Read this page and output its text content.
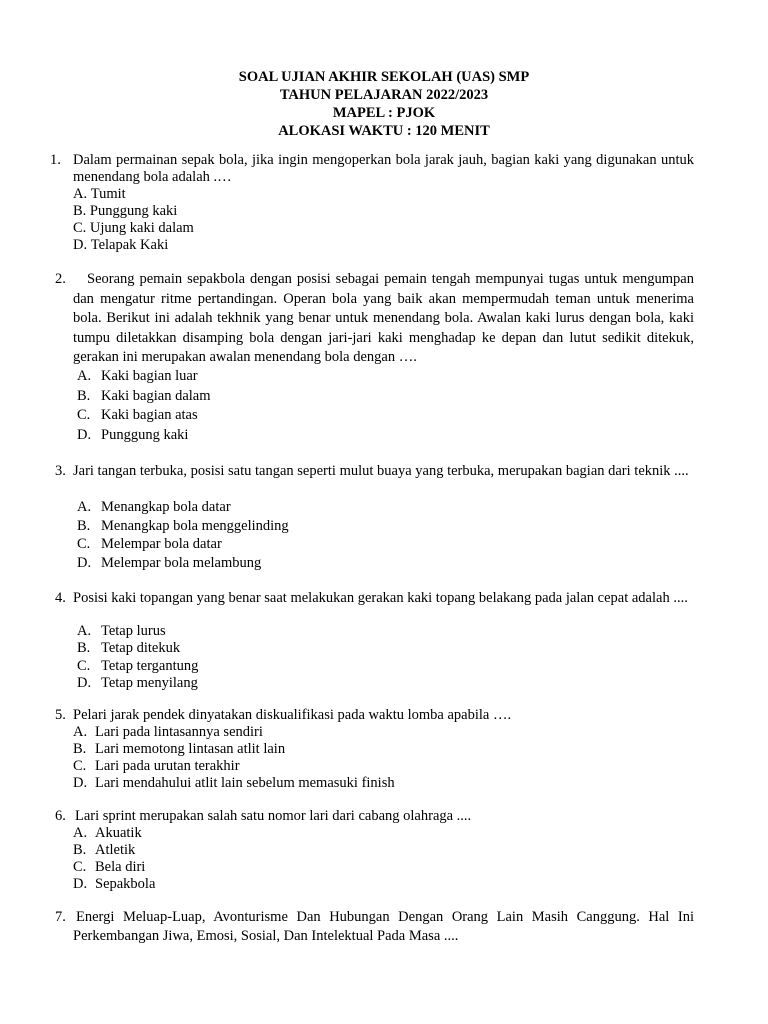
SOAL UJIAN AKHIR SEKOLAH (UAS) SMP
TAHUN PELAJARAN 2022/2023
MAPEL : PJOK
ALOKASI WAKTU : 120 MENIT
1. Dalam permainan sepak bola, jika ingin mengoperkan bola jarak jauh, bagian kaki yang digunakan untuk menendang bola adalah .…
A. Tumit
B. Punggung kaki
C. Ujung kaki dalam
D. Telapak Kaki
2.	Seorang pemain sepakbola dengan posisi sebagai pemain tengah mempunyai tugas untuk mengumpan dan mengatur ritme pertandingan. Operan bola yang baik akan mempermudah teman untuk menerima bola. Berikut ini adalah tekhnik yang benar untuk menendang bola. Awalan kaki lurus dengan bola, kaki tumpu diletakkan disamping bola dengan jari-jari kaki menghadap ke depan dan lutut sedikit ditekuk, gerakan ini merupakan awalan menendang bola dengan ….
A. Kaki bagian luar
B. Kaki bagian dalam
C. Kaki bagian atas
D. Punggung kaki
3. Jari tangan terbuka, posisi satu tangan seperti mulut buaya yang terbuka, merupakan bagian dari teknik ....
A. Menangkap bola datar
B. Menangkap bola menggelinding
C. Melempar bola datar
D. Melempar bola melambung
4. Posisi kaki topangan yang benar saat melakukan gerakan kaki topang belakang pada jalan cepat adalah ....
A. Tetap lurus
B. Tetap ditekuk
C. Tetap tergantung
D. Tetap menyilang
5. Pelari jarak pendek dinyatakan diskualifikasi pada waktu lomba apabila ….
A. Lari pada lintasannya sendiri
B. Lari memotong lintasan atlit lain
C. Lari pada urutan terakhir
D. Lari mendahului atlit lain sebelum memasuki finish
6. Lari sprint merupakan salah satu nomor lari dari cabang olahraga ....
A. Akuatik
B. Atletik
C. Bela diri
D. Sepakbola
7. Energi Meluap-Luap, Avonturisme Dan Hubungan Dengan Orang Lain Masih Canggung. Hal Ini Perkembangan Jiwa, Emosi, Sosial, Dan Intelektual Pada Masa ....
